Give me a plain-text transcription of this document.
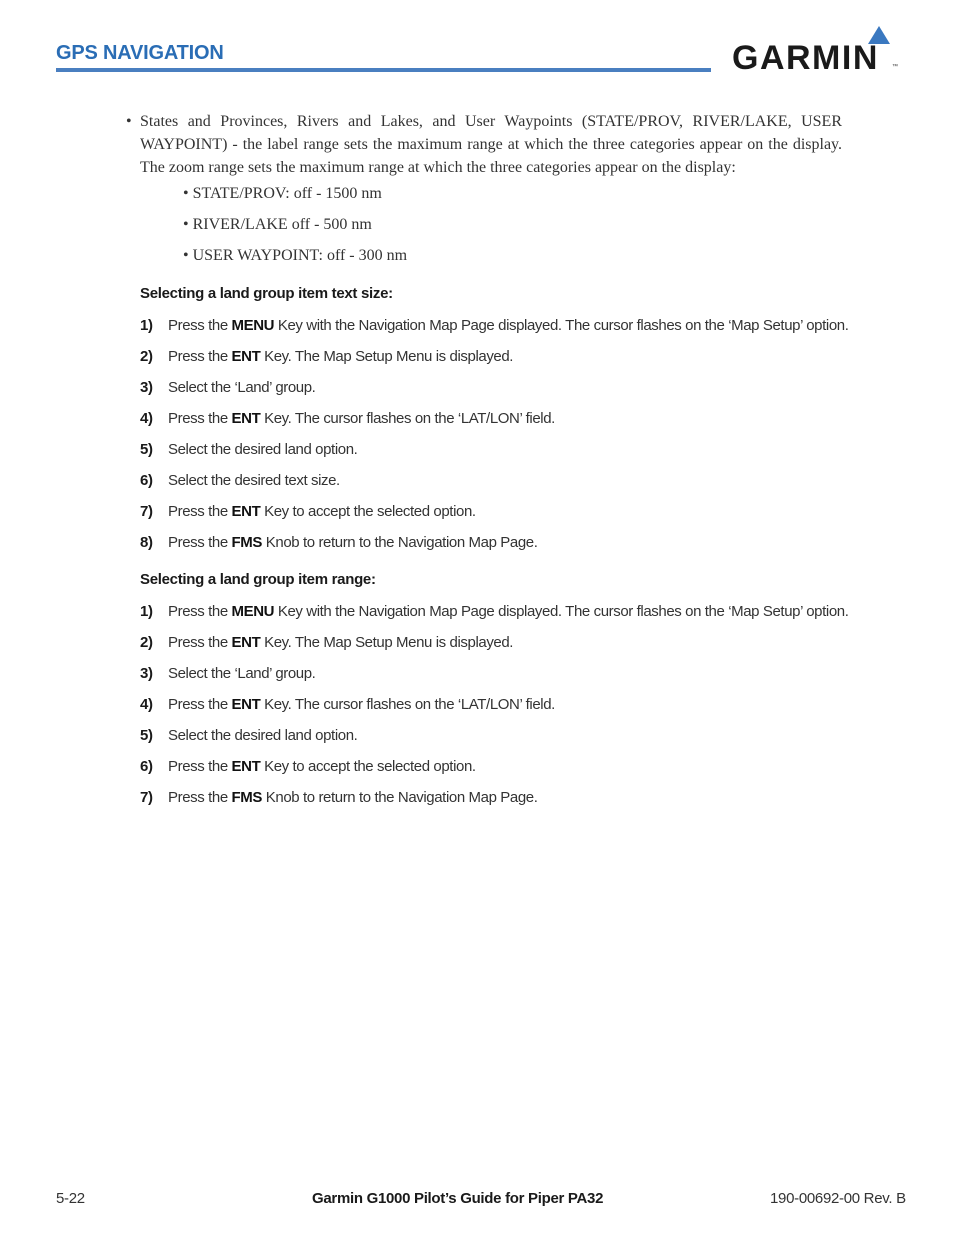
GPS NAVIGATION	GARMIN ™
• States and Provinces, Rivers and Lakes, and User Waypoints (STATE/PROV, RIVER/LAKE, USER WAYPOINT) - the label range sets the maximum range at which the three categories appear on the display. The zoom range sets the maximum range at which the three categories appear on the display:
• STATE/PROV: off - 1500 nm
• RIVER/LAKE off - 500 nm
• USER WAYPOINT: off - 300 nm
Selecting a land group item text size:
1) Press the MENU Key with the Navigation Map Page displayed. The cursor flashes on the ‘Map Setup’ option.
2) Press the ENT Key. The Map Setup Menu is displayed.
3) Select the ‘Land’ group.
4) Press the ENT Key. The cursor flashes on the ‘LAT/LON’ field.
5) Select the desired land option.
6) Select the desired text size.
7) Press the ENT Key to accept the selected option.
8) Press the FMS Knob to return to the Navigation Map Page.
Selecting a land group item range:
1) Press the MENU Key with the Navigation Map Page displayed. The cursor flashes on the ‘Map Setup’ option.
2) Press the ENT Key. The Map Setup Menu is displayed.
3) Select the ‘Land’ group.
4) Press the ENT Key. The cursor flashes on the ‘LAT/LON’ field.
5) Select the desired land option.
6) Press the ENT Key to accept the selected option.
7) Press the FMS Knob to return to the Navigation Map Page.
5-22	Garmin G1000 Pilot’s Guide for Piper PA32	190-00692-00 Rev. B
